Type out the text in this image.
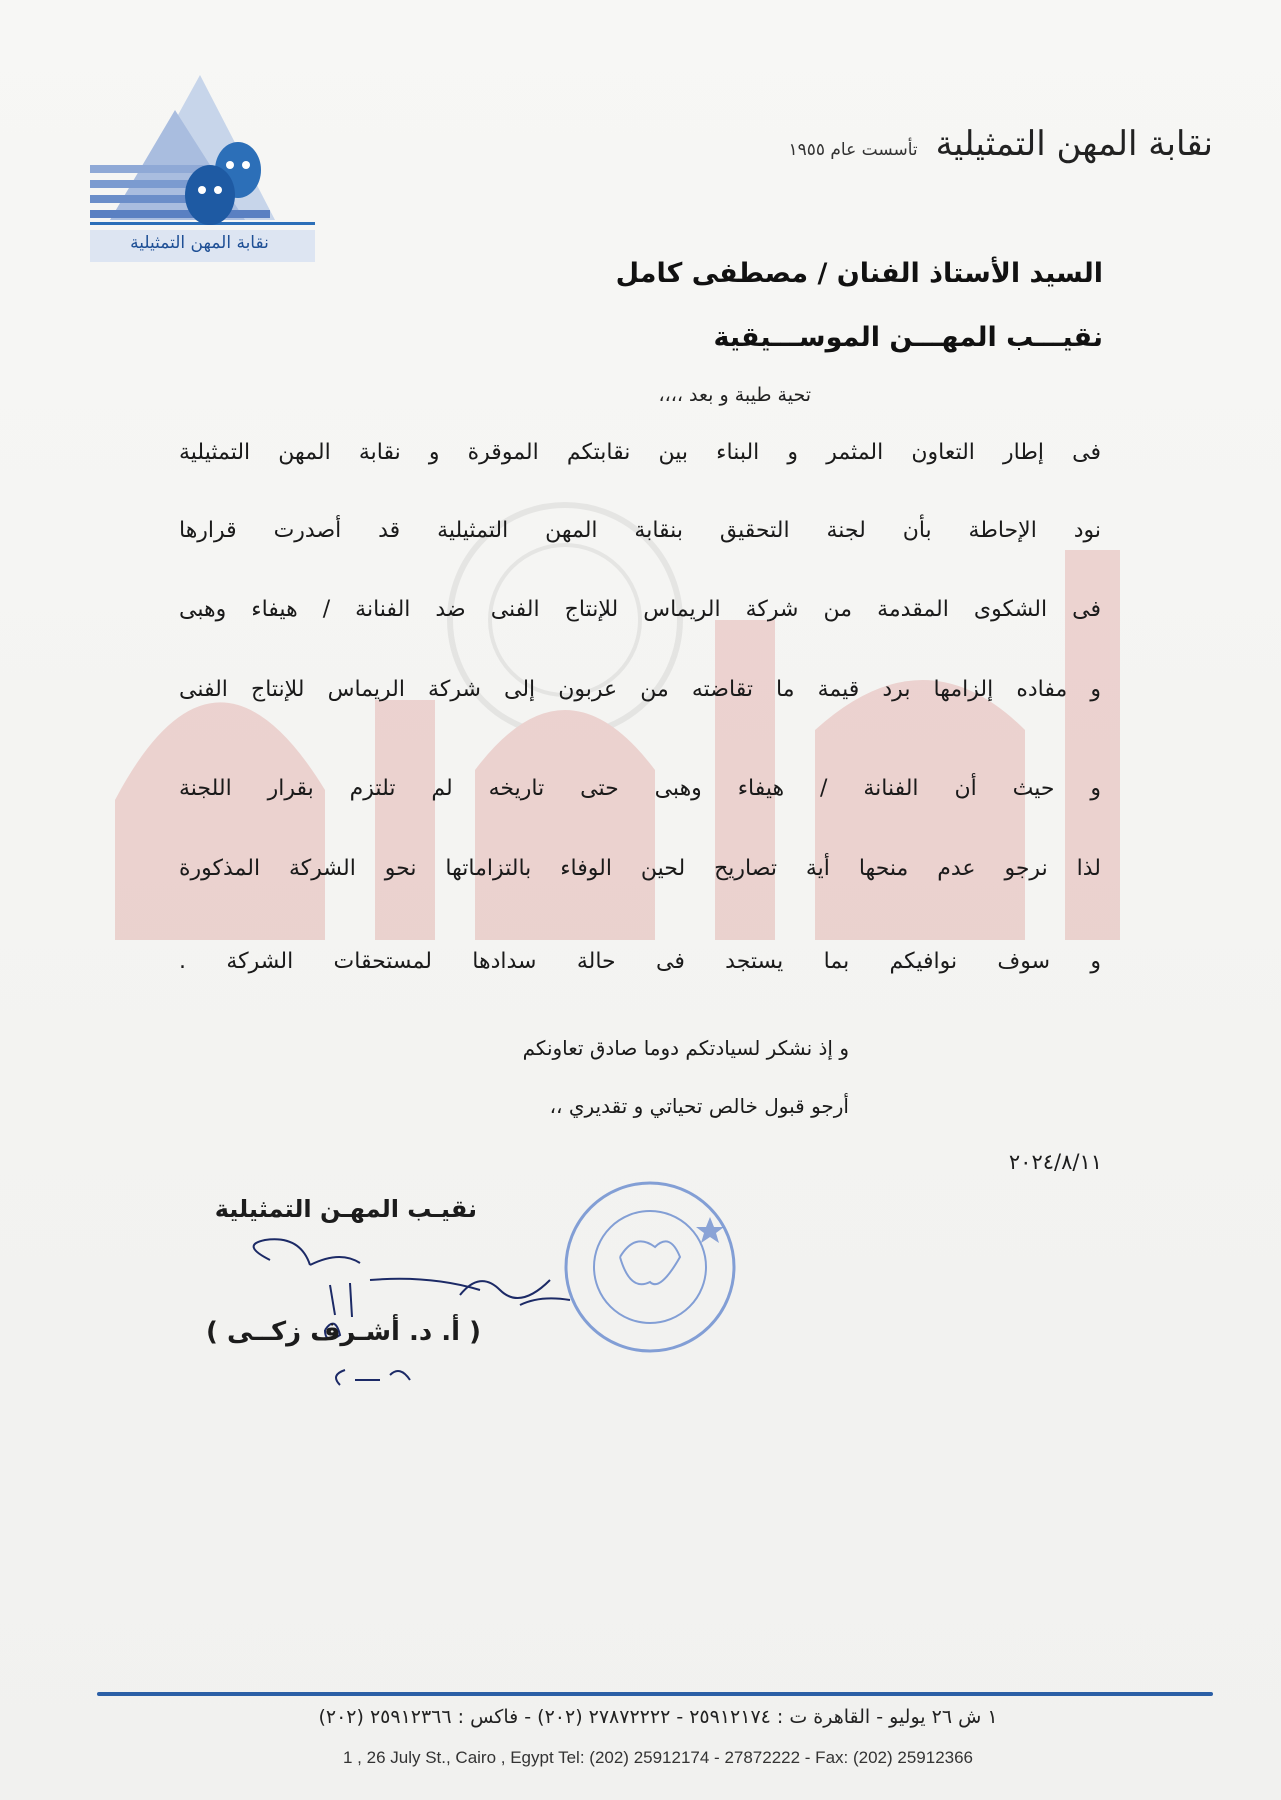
نقابة المهن التمثيلية
نقابة المهن التمثيلية
تأسست عام ١٩٥٥
السيد الأستاذ الفنان / مصطفى كامل
نقيـــب المهـــن الموســـيقية
تحية طيبة و بعد ،،،،
فى إطار التعاون المثمر و البناء بين نقابتكم الموقرة و نقابة المهن التمثيلية
نود الإحاطة بأن لجنة التحقيق بنقابة المهن التمثيلية قد أصدرت قرارها
فى الشكوى المقدمة من شركة الريماس للإنتاج الفنى ضد الفنانة / هيفاء وهبى
و مفاده إلزامها برد قيمة ما تقاضته من عربون إلى شركة الريماس للإنتاج الفنى
و حيث أن الفنانة / هيفاء وهبى حتى تاريخه لم تلتزم بقرار اللجنة
لذا نرجو عدم منحها أية تصاريح لحين الوفاء بالتزاماتها نحو الشركة المذكورة
و سوف نوافيكم بما يستجد فى حالة سدادها لمستحقات الشركة .
و إذ نشكر لسيادتكم دوما صادق تعاونكم
أرجو قبول خالص تحياتي و تقديري ،،
٢٠٢٤/٨/١١
نقيـب المهـن التمثيلية
( أ. د. أشـرف زكــى )
١ ش ٢٦ يوليو - القاهرة ت : ٢٥٩١٢١٧٤ - ٢٧٨٧٢٢٢٢ (٢٠٢) - فاكس : ٢٥٩١٢٣٦٦ (٢٠٢)
1 , 26 July St., Cairo , Egypt Tel: (202) 25912174 - 27872222 - Fax: (202) 25912366
